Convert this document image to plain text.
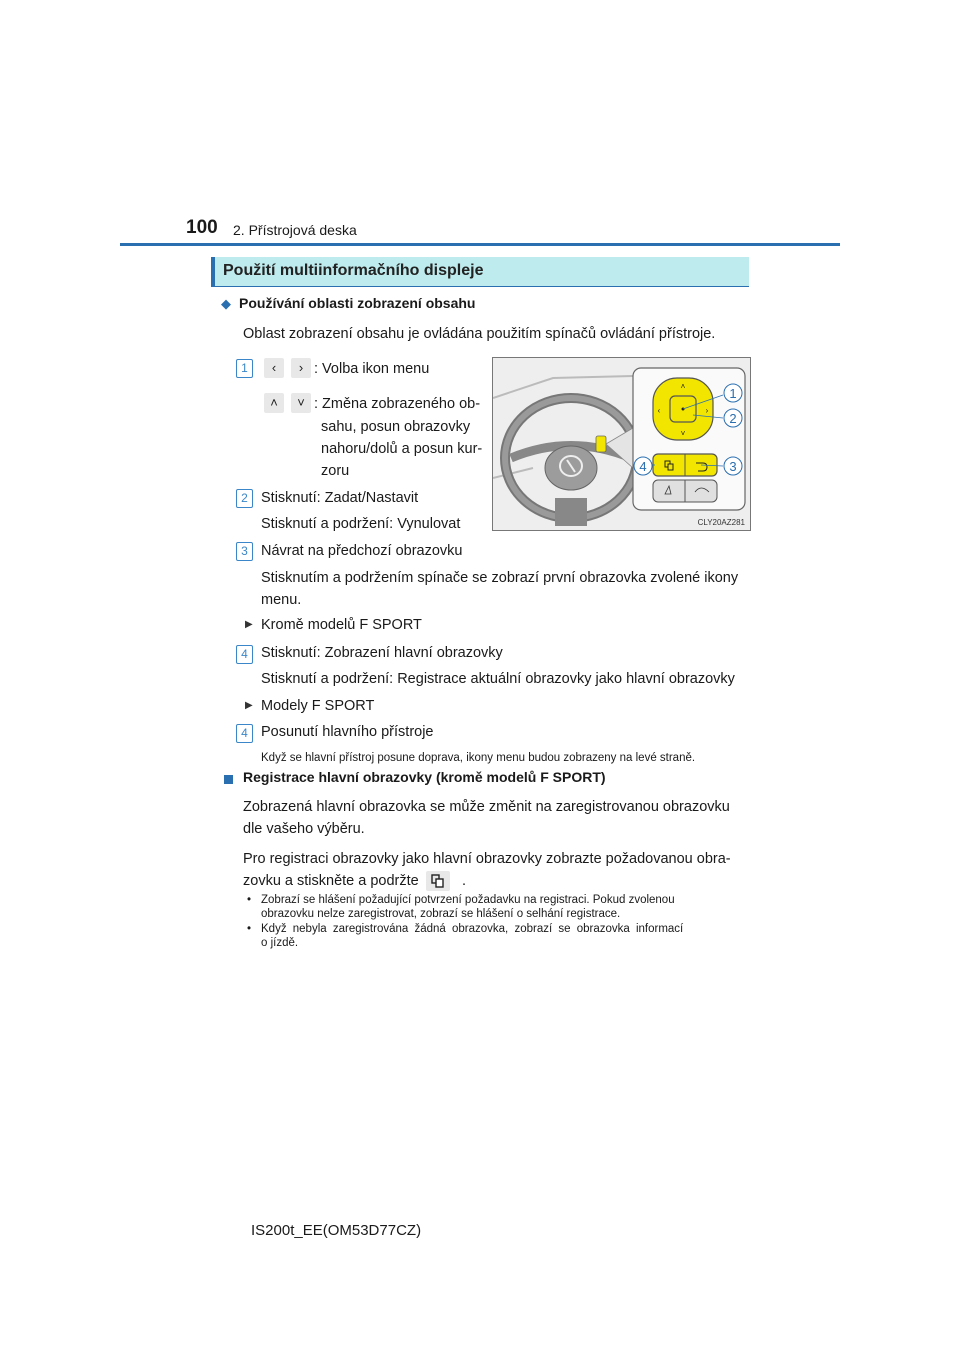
100 2. Přístrojová deska
Použití multiinformačního displeje
◆ Používání oblasti zobrazení obsahu
Oblast zobrazení obsahu je ovládána použitím spínačů ovládání přístroje.
1	‹	› : Volba ikon menu
˄	˅ : Změna zobrazeného ob-
sahu, posun obrazovky
nahoru/dolů a posun kur-
zoru
2 Stisknutí: Zadat/Nastavit
Stisknutí a podržení: Vynulovat
3 Návrat na předchozí obrazovku
Stisknutím a podržením spínače se zobrazí první obrazovka zvolené ikony
menu.
▶ Kromě modelů F SPORT
4 Stisknutí: Zobrazení hlavní obrazovky
Stisknutí a podržení: Registrace aktuální obrazovky jako hlavní obrazovky
▶ Modely F SPORT
4 Posunutí hlavního přístroje
Když se hlavní přístroj posune doprava, ikony menu budou zobrazeny na levé straně.
Registrace hlavní obrazovky (kromě modelů F SPORT)
Zobrazená hlavní obrazovka se může změnit na zaregistrovanou obrazovku
dle vašeho výběru.
Pro registraci obrazovky jako hlavní obrazovky zobrazte požadovanou obra-
zovku a stiskněte a podržte	.
• Zobrazí se hlášení požadující potvrzení požadavku na registraci. Pokud zvolenou
obrazovku nelze zaregistrovat, zobrazí se hlášení o selhání registrace.
• Když nebyla zaregistrována žádná obrazovka, zobrazí se obrazovka informací
o jízdě.
˄
˅
‹	›
1
2
3
4
CLY20AZ281
IS200t_EE(OM53D77CZ)
